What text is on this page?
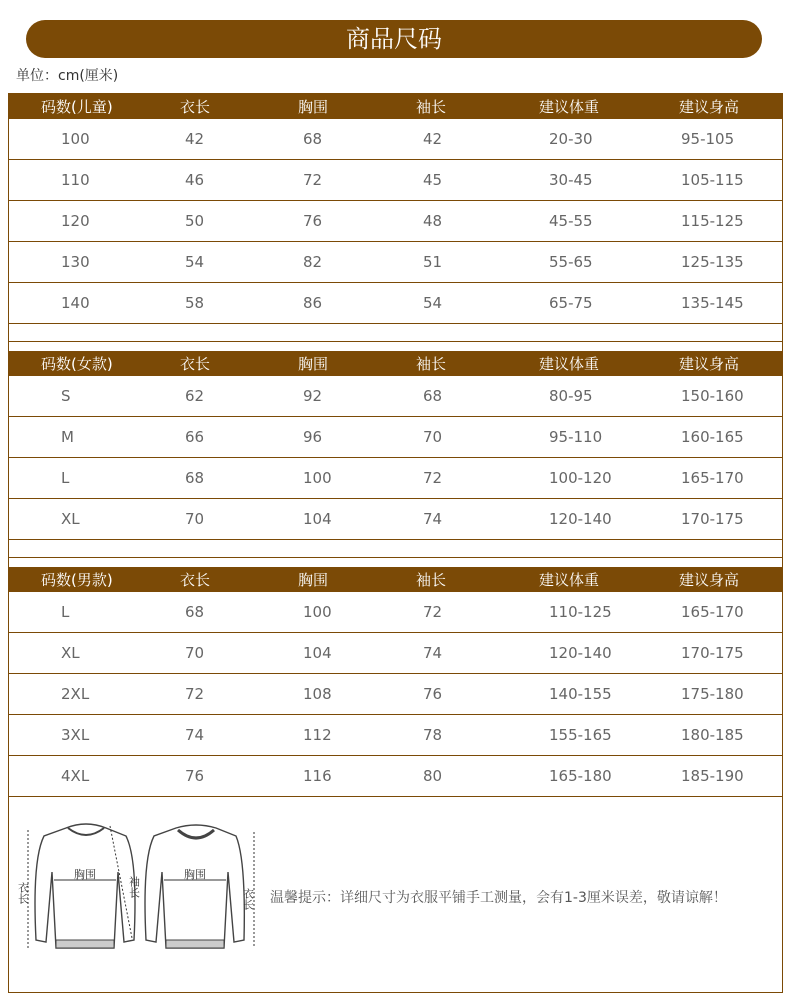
商品尺码
单位：cm(厘米)
码数(儿童)	衣长	胸围	袖长	建议体重	建议身高
100	42	68	42	20-30	95-105
110	46	72	45	30-45	105-115
120	50	76	48	45-55	115-125
130	54	82	51	55-65	125-135
140	58	86	54	65-75	135-145
码数(女款)	衣长	胸围	袖长	建议体重	建议身高
S	62	92	68	80-95	150-160
M	66	96	70	95-110	160-165
L	68	100	72	100-120	165-170
XL	70	104	74	120-140	170-175
码数(男款)	衣长	胸围	袖长	建议体重	建议身高
L	68	100	72	110-125	165-170
XL	70	104	74	120-140	170-175
2XL	72	108	76	140-155	175-180
3XL	74	112	78	155-165	180-185
4XL	76	116	80	165-180	185-190
衣长
胸围
袖长
胸围
衣长 温馨提示：详细尺寸为衣服平铺手工测量，会有1-3厘米误差，敬请谅解！
